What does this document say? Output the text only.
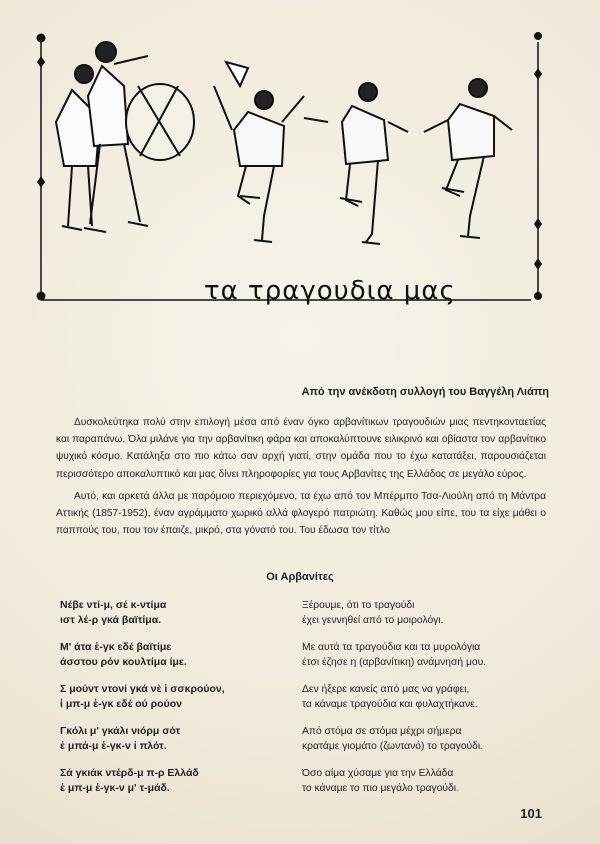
τα τραγουδια μας
Από την ανέκδοτη συλλογή του Βαγγέλη Λιάπη

Δυσκολεύτηκα πολύ στην επιλογή μέσα από έναν όγκο αρβανίτικων τραγουδιών μιας πεντηκονταετίας και παραπάνω. Όλα μιλάνε για την αρβανίτικη φάρα και αποκαλύπτουνε ειλικρινό και οβίαστα τον αρβανίτικο ψυχικό κόσμο. Κατάληξα στο πιο κάτω σαν αρχή γιατί, στην ομάδα που το έχω κατατάξει, παρουσιάζεται περισσότερο αποκαλυπτικό και μας δίνει πληροφορίες για τους Αρβανίτες της Ελλάδος σε μεγάλο εύρος.

Αυτό, και αρκετά άλλα με παρόμοιο περιεχόμενο, τα έχω από τον Μπέρμπο Τσα-Λιούλη από τη Μάντρα Αττικής (1857-1952), έναν αγράμματο χωρικό αλλά φλογερό πατριώτη. Καθώς μου είπε, του τα είχε μάθει ο παππούς του, που τον έπαιζε, μικρό, στα γόνατό του. Του έδωσα τον τίτλο

Οι Αρβανίτες
Νέβε ντί-μ, σέ κ-ντίμα
ιστ λέ-ρ γκά βαϊτίμα.
Μ' άτα ἑ-γκ εδέ βαϊτίμε
άσστου ρόν κουλτίμα ίμε.
Σ μούντ ντονί γκά νὲ ἱ σσκρούον,
ἱ μπ-μ ἑ-γκ εδέ ού ρούον
Γκόλι μ' γκάλι νιόρμ σότ
ἐ μπά-μ ἑ-γκ-ν ἱ πλότ.
Σά γκιάκ ντέρδ-μ π-ρ Ελλάδ
ἐ μπ-μ ἑ-γκ-ν μ' τ-μάδ.
Ξέρουμε, ότι το τραγούδι
έχει γεννηθεί από το μοιρολόγι.
Με αυτά τα τραγούδια και τα μυρολόγια
έτσι έζησε η (αρβανίτικη) ανάμνησή μου.
Δεν ήξερε κανείς από μας να γράφει,
τα κάναμε τραγούδια και φυλαχτήκανε.
Από στόμα σε στόμα μέχρι σήμερα
κρατάμε γιομάτο (ζωντανό) το τραγούδι.
Όσο αίμα χύσαμε για την Ελλάδα
το κάναμε το πιο μεγάλο τραγούδι.
101
